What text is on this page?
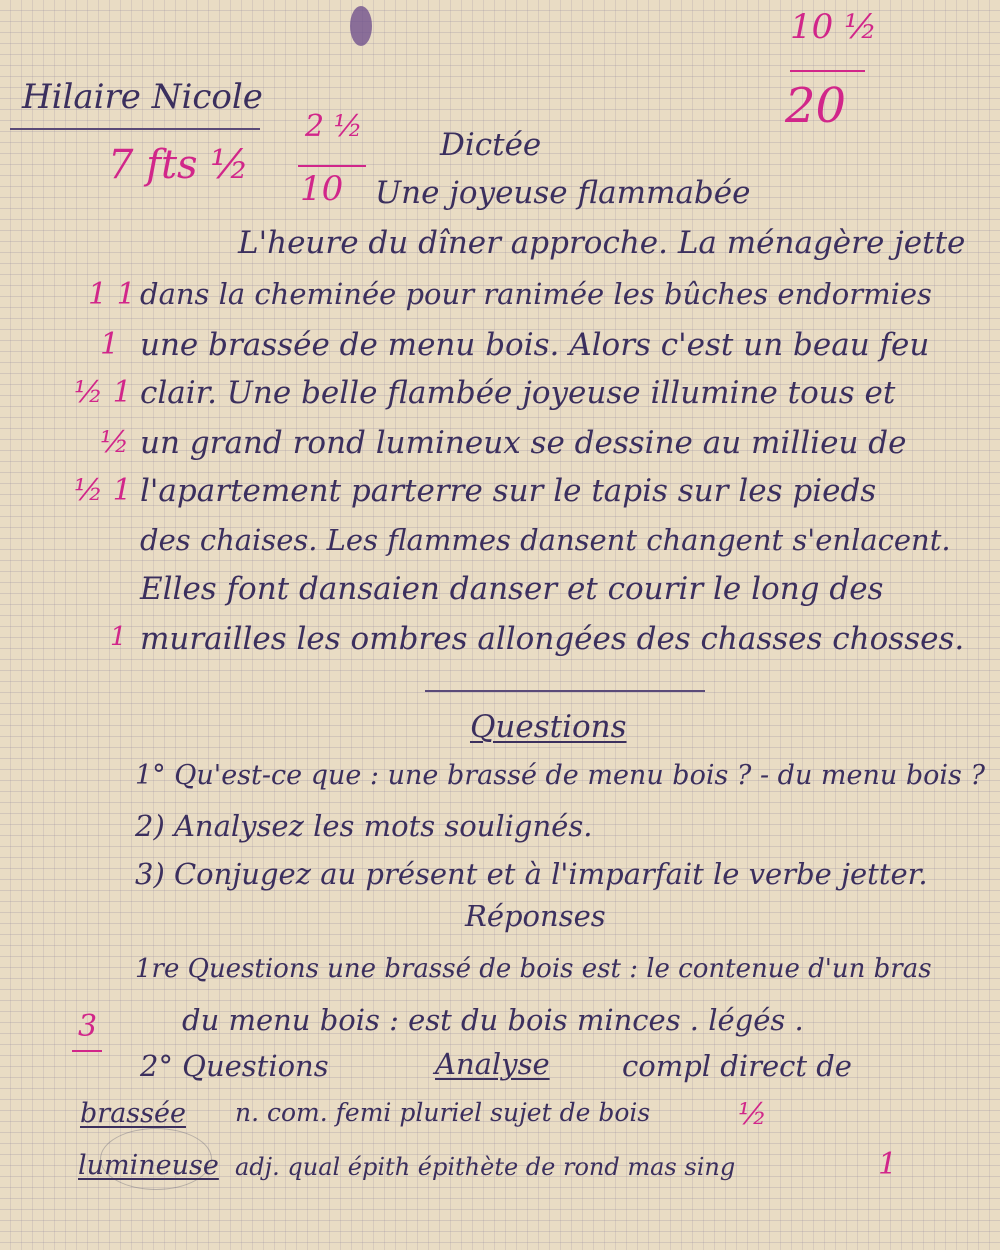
Hilaire Nicole
10 ½
20
7 fts ½
2 ½
10
Dictée
Une joyeuse flammabée
L'heure du dîner approche. La ménagère jette
dans la cheminée pour ranimée les bûches endormies
une brassée de menu bois. Alors c'est un beau feu
clair. Une belle flambée joyeuse illumine tous et
un grand rond lumineux se dessine au millieu de
l'apartement parterre sur le tapis sur les pieds
des chaises. Les flammes dansent changent s'enlacent.
Elles font dansaien danser et courir le long des
murailles les ombres allongées des chasses chosses.
1 1
1
½ 1
½
½ 1
1
Questions
1° Qu'est-ce que : une brassé de menu bois ? - du menu bois ?
2) Analysez les mots soulignés.
3) Conjugez au présent et à l'imparfait le verbe jetter.
Réponses
1re Questions une brassé de bois est : le contenue d'un bras
du menu bois : est du bois minces . légés .
3
2° Questions	Analyse compl direct de
brassée n. com. femi pluriel sujet de bois	½
lumineuse adj. qual épith épithète de rond mas sing	1
